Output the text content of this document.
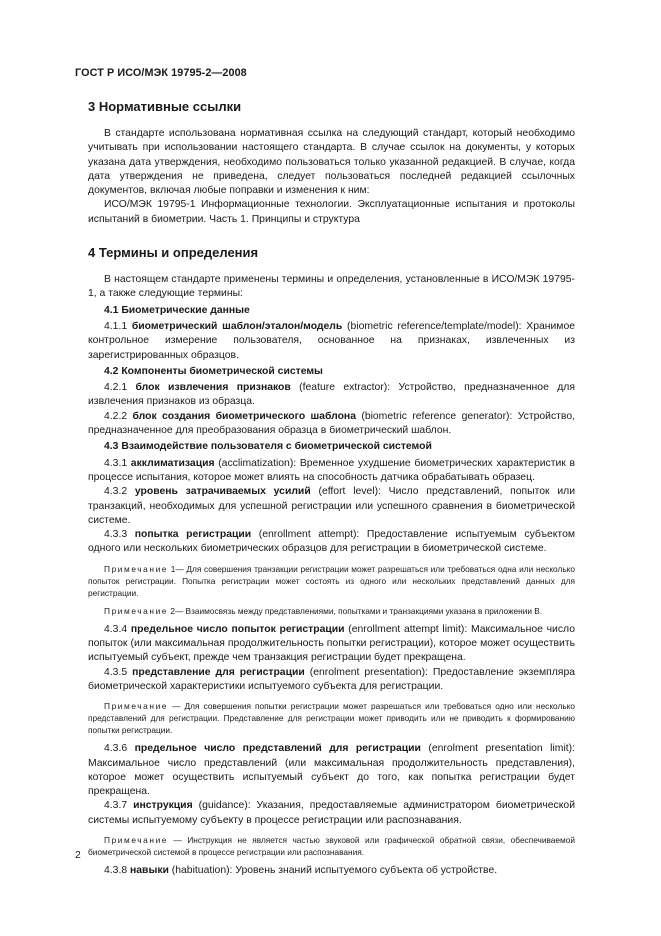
ГОСТ Р ИСО/МЭК 19795-2—2008
3 Нормативные ссылки

В стандарте использована нормативная ссылка на следующий стандарт, который необходимо учитывать при использовании настоящего стандарта. В случае ссылок на документы, у которых указана дата утверждения, необходимо пользоваться только указанной редакцией. В случае, когда дата утверждения не приведена, следует пользоваться последней редакцией ссылочных документов, включая любые поправки и изменения к ним:

ИСО/МЭК 19795-1 Информационные технологии. Эксплуатационные испытания и протоколы испытаний в биометрии. Часть 1. Принципы и структура

4 Термины и определения

В настоящем стандарте применены термины и определения, установленные в ИСО/МЭК 19795-1, а также следующие термины:

4.1 Биометрические данные

4.1.1 биометрический шаблон/эталон/модель (biometric reference/template/model): Хранимое контрольное измерение пользователя, основанное на признаках, извлеченных из зарегистрированных образцов.

4.2 Компоненты биометрической системы

4.2.1 блок извлечения признаков (feature extractor): Устройство, предназначенное для извлечения признаков из образца.

4.2.2 блок создания биометрического шаблона (biometric reference generator): Устройство, предназначенное для преобразования образца в биометрический шаблон.

4.3 Взаимодействие пользователя с биометрической системой

4.3.1 акклиматизация (acclimatization): Временное ухудшение биометрических характеристик в процессе испытания, которое может влиять на способность датчика обрабатывать образец.

4.3.2 уровень затрачиваемых усилий (effort level): Число представлений, попыток или транзакций, необходимых для успешной регистрации или успешного сравнения в биометрической системе.

4.3.3 попытка регистрации (enrollment attempt): Предоставление испытуемым субъектом одного или нескольких биометрических образцов для регистрации в биометрической системе.

Примечание 1— Для совершения транзакции регистрации может разрешаться или требоваться одна или несколько попыток регистрации. Попытка регистрации может состоять из одного или нескольких представлений данных для регистрации.

Примечание 2— Взаимосвязь между представлениями, попытками и транзакциями указана в приложении В.

4.3.4 предельное число попыток регистрации (enrollment attempt limit): Максимальное число попыток (или максимальная продолжительность попытки регистрации), которое может осуществить испытуемый субъект, прежде чем транзакция регистрации будет прекращена.

4.3.5 представление для регистрации (enrolment presentation): Предоставление экземпляра биометрической характеристики испытуемого субъекта для регистрации.

Примечание — Для совершения попытки регистрации может разрешаться или требоваться одно или несколько представлений для регистрации. Представление для регистрации может приводить или не приводить к формированию попытки регистрации.

4.3.6 предельное число представлений для регистрации (enrolment presentation limit): Максимальное число представлений (или максимальная продолжительность представления), которое может осуществить испытуемый субъект до того, как попытка регистрации будет прекращена.

4.3.7 инструкция (guidance): Указания, предоставляемые администратором биометрической системы испытуемому субъекту в процессе регистрации или распознавания.

Примечание — Инструкция не является частью звуковой или графической обратной связи, обеспечиваемой биометрической системой в процессе регистрации или распознавания.

4.3.8 навыки (habituation): Уровень знаний испытуемого субъекта об устройстве.

2
